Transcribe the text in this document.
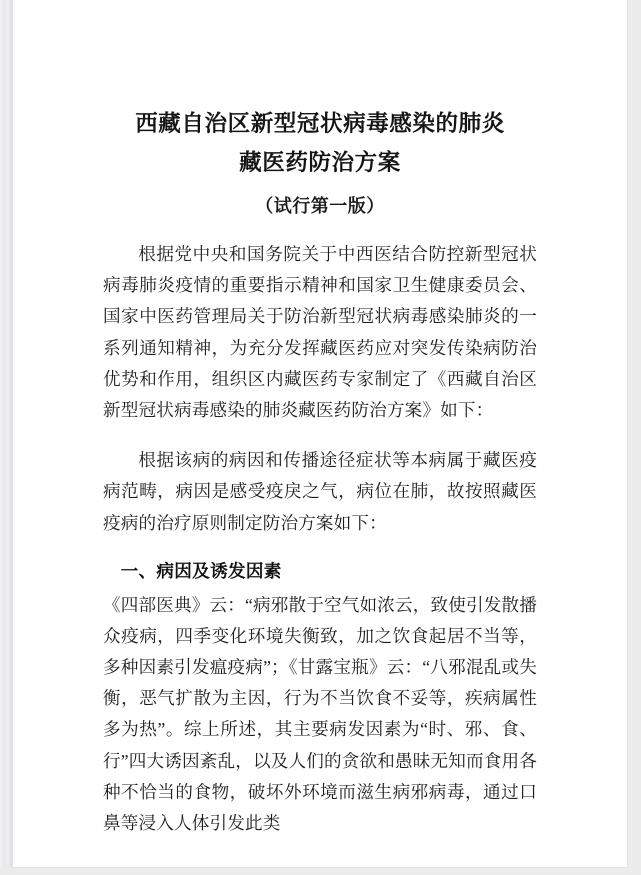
西藏自治区新型冠状病毒感染的肺炎
藏医药防治方案
（试行第一版）

根据党中央和国务院关于中西医结合防控新型冠状病毒肺炎疫情的重要指示精神和国家卫生健康委员会、国家中医药管理局关于防治新型冠状病毒感染肺炎的一系列通知精神，为充分发挥藏医药应对突发传染病防治优势和作用，组织区内藏医药专家制定了《西藏自治区新型冠状病毒感染的肺炎藏医药防治方案》如下：

根据该病的病因和传播途径症状等本病属于藏医疫病范畴，病因是感受疫戾之气，病位在肺，故按照藏医疫病的治疗原则制定防治方案如下：

一、病因及诱发因素

《四部医典》云：“病邪散于空气如浓云，致使引发散播众疫病，四季变化环境失衡致，加之饮食起居不当等，多种因素引发瘟疫病”；《甘露宝瓶》云：“八邪混乱或失衡，恶气扩散为主因，行为不当饮食不妥等，疾病属性多为热”。综上所述，其主要病发因素为“时、邪、食、行”四大诱因紊乱，以及人们的贪欲和愚昧无知而食用各种不恰当的食物，破坏外环境而滋生病邪病毒，通过口鼻等浸入人体引发此类
